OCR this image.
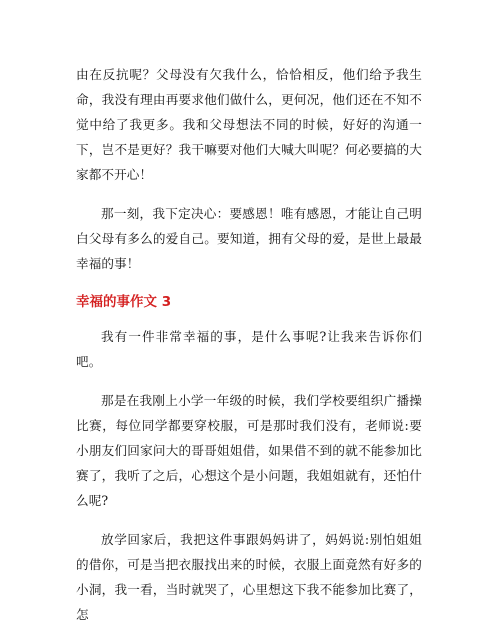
由在反抗呢？父母没有欠我什么，恰恰相反，他们给予我生命，我没有理由再要求他们做什么，更何况，他们还在不知不觉中给了我更多。我和父母想法不同的时候，好好的沟通一下，岂不是更好？我干嘛要对他们大喊大叫呢？何必要搞的大家都不开心！

那一刻，我下定决心：要感恩！唯有感恩，才能让自己明白父母有多么的爱自己。要知道，拥有父母的爱，是世上最最幸福的事！

幸福的事作文 3

我有一件非常幸福的事，是什么事呢?让我来告诉你们吧。

那是在我刚上小学一年级的时候，我们学校要组织广播操比赛，每位同学都要穿校服，可是那时我们没有，老师说:要小朋友们回家问大的哥哥姐姐借，如果借不到的就不能参加比赛了，我听了之后，心想这个是小问题，我姐姐就有，还怕什么呢?

放学回家后，我把这件事跟妈妈讲了，妈妈说:别怕姐姐的借你，可是当把衣服找出来的时候，衣服上面竟然有好多的小洞，我一看，当时就哭了，心里想这下我不能参加比赛了，怎
